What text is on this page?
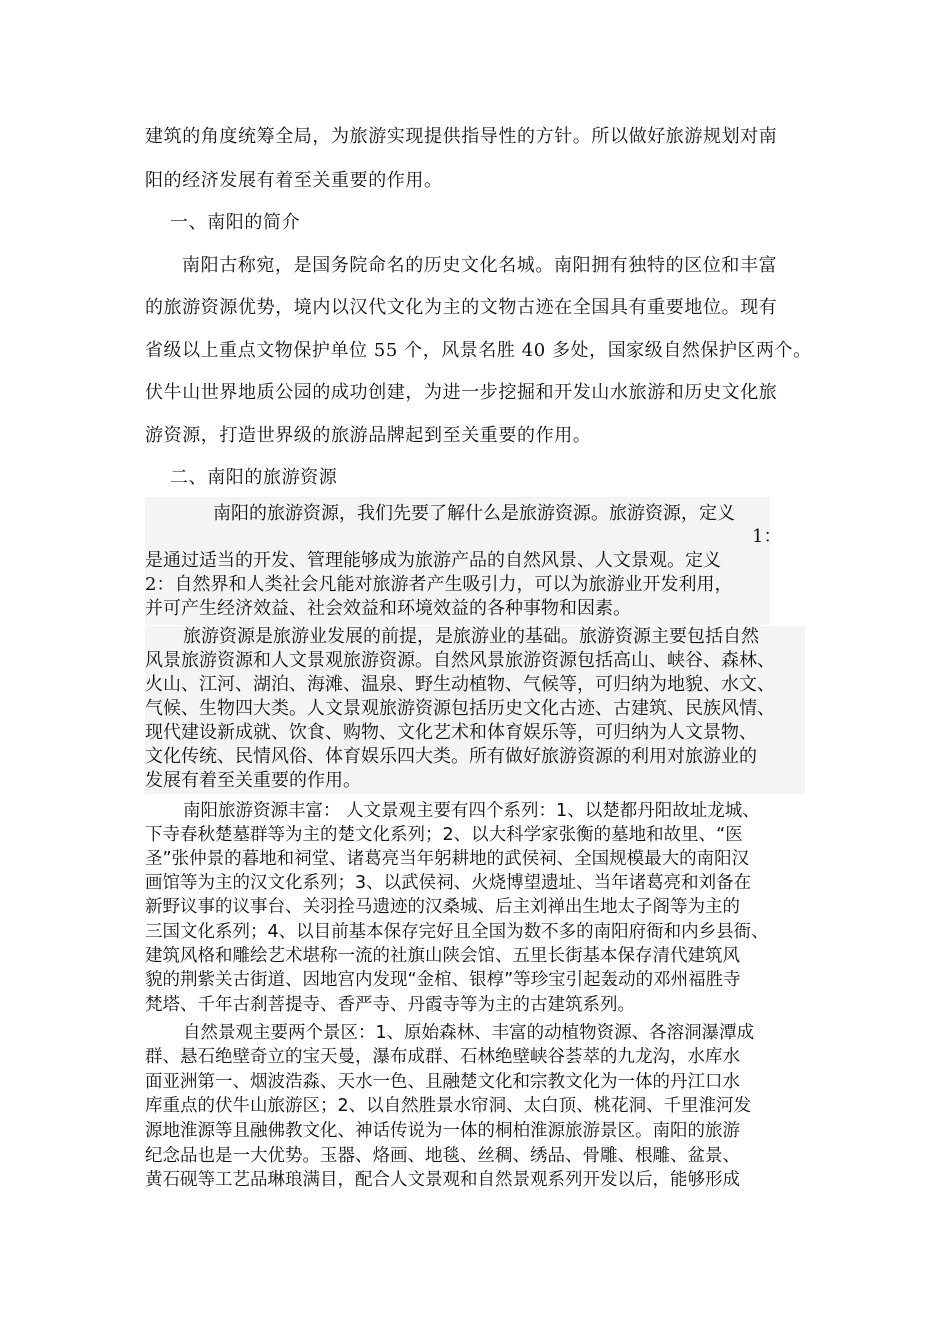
建筑的角度统筹全局，为旅游实现提供指导性的方针。所以做好旅游规划对南
阳的经济发展有着至关重要的作用。
一、南阳的简介
南阳古称宛，是国务院命名的历史文化名城。南阳拥有独特的区位和丰富
的旅游资源优势，境内以汉代文化为主的文物古迹在全国具有重要地位。现有
省级以上重点文物保护单位 55 个，风景名胜 40 多处，国家级自然保护区两个。
伏牛山世界地质公园的成功创建，为进一步挖掘和开发山水旅游和历史文化旅
游资源，打造世界级的旅游品牌起到至关重要的作用。
二、南阳的旅游资源
南阳的旅游资源，我们先要了解什么是旅游资源。旅游资源，定义
1：
是通过适当的开发、管理能够成为旅游产品的自然风景、人文景观。定义
2：自然界和人类社会凡能对旅游者产生吸引力，可以为旅游业开发利用，
并可产生经济效益、社会效益和环境效益的各种事物和因素。
旅游资源是旅游业发展的前提，是旅游业的基础。旅游资源主要包括自然
风景旅游资源和人文景观旅游资源。自然风景旅游资源包括高山、峡谷、森林、
火山、江河、湖泊、海滩、温泉、野生动植物、气候等，可归纳为地貌、水文、
气候、生物四大类。人文景观旅游资源包括历史文化古迹、古建筑、民族风情、
现代建设新成就、饮食、购物、文化艺术和体育娱乐等，可归纳为人文景物、
文化传统、民情风俗、体育娱乐四大类。所有做好旅游资源的利用对旅游业的
发展有着至关重要的作用。
南阳旅游资源丰富： 人文景观主要有四个系列：1、以楚都丹阳故址龙城、
下寺春秋楚墓群等为主的楚文化系列；2、以大科学家张衡的墓地和故里、“医
圣”张仲景的暮地和祠堂、诸葛亮当年躬耕地的武侯祠、全国规模最大的南阳汉
画馆等为主的汉文化系列；3、以武侯祠、火烧博望遗址、当年诸葛亮和刘备在
新野议事的议事台、关羽拴马遗迹的汉桑城、后主刘禅出生地太子阁等为主的
三国文化系列；4、以目前基本保存完好且全国为数不多的南阳府衙和内乡县衙、
建筑风格和雕绘艺术堪称一流的社旗山陕会馆、五里长街基本保存清代建筑风
貌的荆紫关古街道、因地宫内发现“金棺、银椁”等珍宝引起轰动的邓州福胜寺
梵塔、千年古刹菩提寺、香严寺、丹霞寺等为主的古建筑系列。
自然景观主要两个景区：1、原始森林、丰富的动植物资源、各溶洞瀑潭成
群、悬石绝壁奇立的宝天曼，瀑布成群、石林绝壁峡谷荟萃的九龙沟，水库水
面亚洲第一、烟波浩淼、天水一色、且融楚文化和宗教文化为一体的丹江口水
库重点的伏牛山旅游区；2、以自然胜景水帘洞、太白顶、桃花洞、千里淮河发
源地淮源等且融佛教文化、神话传说为一体的桐柏淮源旅游景区。南阳的旅游
纪念品也是一大优势。玉器、烙画、地毯、丝稠、绣品、骨雕、根雕、盆景、
黄石砚等工艺品琳琅满目，配合人文景观和自然景观系列开发以后，能够形成
